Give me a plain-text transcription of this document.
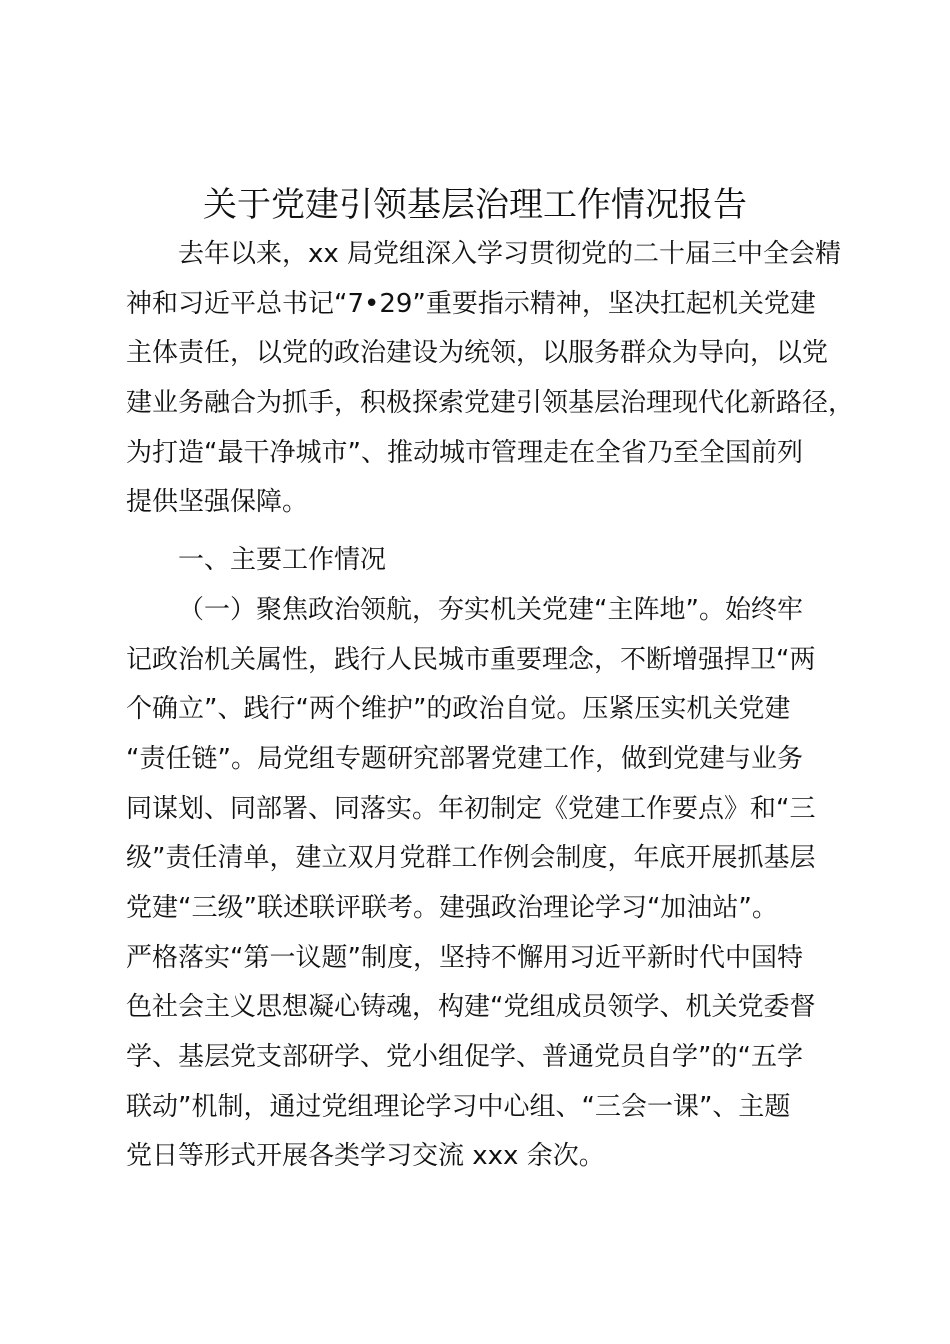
关于党建引领基层治理工作情况报告
去年以来，xx 局党组深入学习贯彻党的二十届三中全会精
神和习近平总书记“7•29”重要指示精神，坚决扛起机关党建
主体责任，以党的政治建设为统领，以服务群众为导向，以党
建业务融合为抓手，积极探索党建引领基层治理现代化新路径，
为打造“最干净城市”、推动城市管理走在全省乃至全国前列
提供坚强保障。
一、主要工作情况
（一）聚焦政治领航，夯实机关党建“主阵地”。始终牢
记政治机关属性，践行人民城市重要理念，不断增强捍卫“两
个确立”、践行“两个维护”的政治自觉。压紧压实机关党建
“责任链”。局党组专题研究部署党建工作，做到党建与业务
同谋划、同部署、同落实。年初制定《党建工作要点》和“三
级”责任清单，建立双月党群工作例会制度，年底开展抓基层
党建“三级”联述联评联考。建强政治理论学习“加油站”。
严格落实“第一议题”制度，坚持不懈用习近平新时代中国特
色社会主义思想凝心铸魂，构建“党组成员领学、机关党委督
学、基层党支部研学、党小组促学、普通党员自学”的“五学
联动”机制，通过党组理论学习中心组、“三会一课”、主题
党日等形式开展各类学习交流 xxx 余次。
